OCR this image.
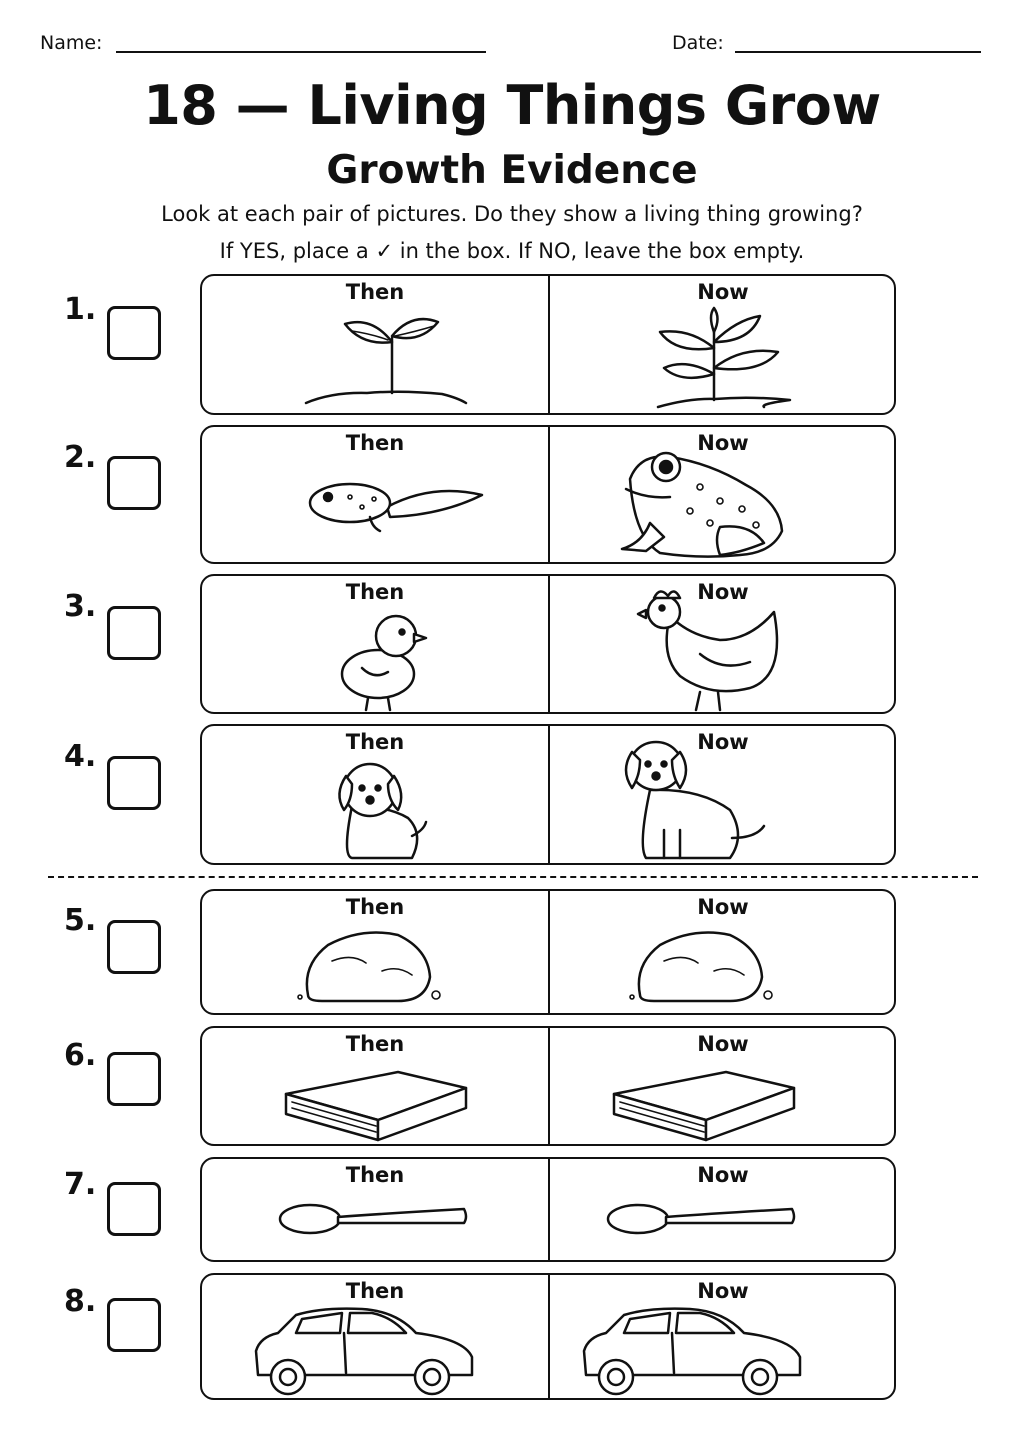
Name:	Date:
18 — Living Things Grow
Growth Evidence
Look at each pair of pictures. Do they show a living thing growing?
If YES, place a ✓ in the box. If NO, leave the box empty.
1.	Then	Now
2.	Then	Now
3.	Then	Now
4.	Then	Now
5.	Then	Now
6.	Then	Now
7.	Then	Now
8.	Then	Now
